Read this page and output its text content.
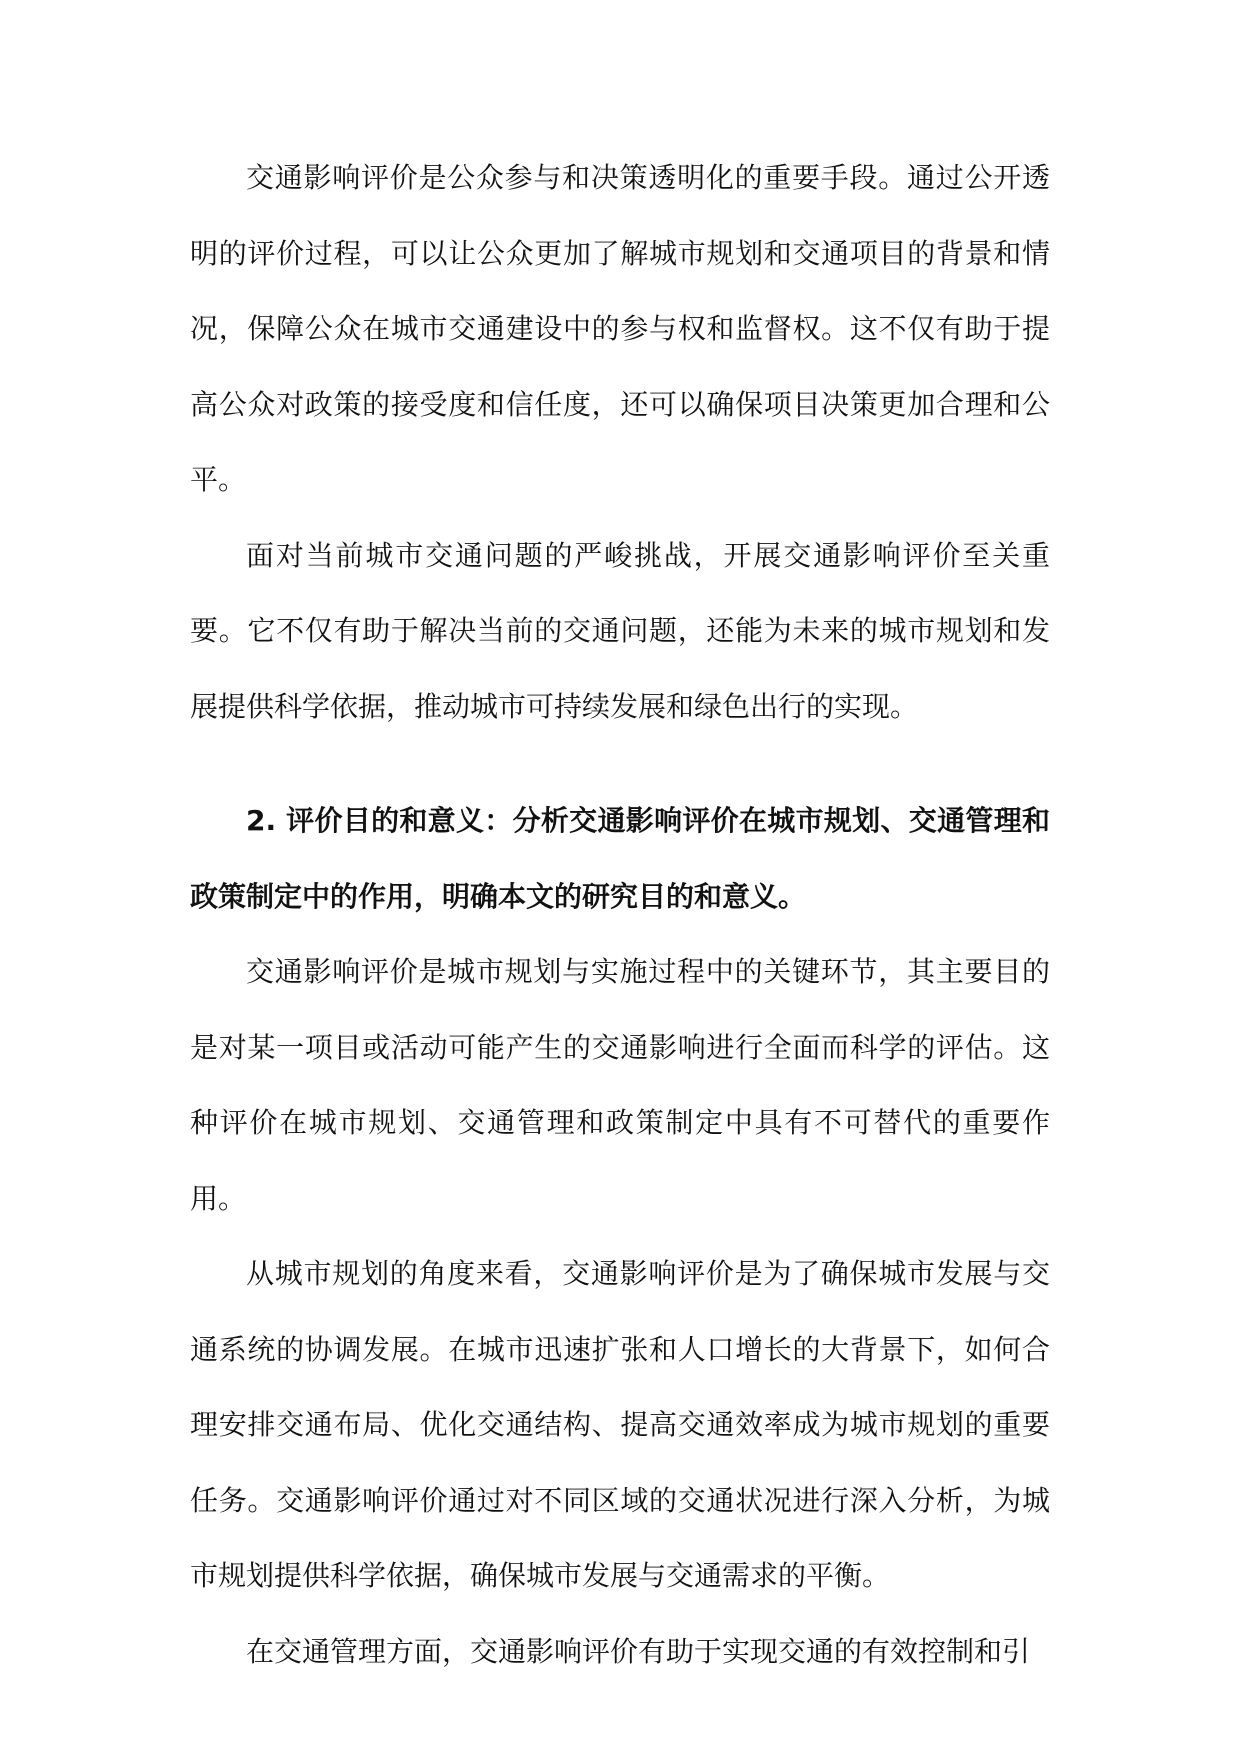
交通影响评价是公众参与和决策透明化的重要手段。通过公开透明的评价过程，可以让公众更加了解城市规划和交通项目的背景和情况，保障公众在城市交通建设中的参与权和监督权。这不仅有助于提高公众对政策的接受度和信任度，还可以确保项目决策更加合理和公平。

面对当前城市交通问题的严峻挑战，开展交通影响评价至关重要。它不仅有助于解决当前的交通问题，还能为未来的城市规划和发展提供科学依据，推动城市可持续发展和绿色出行的实现。

2. 评价目的和意义：分析交通影响评价在城市规划、交通管理和政策制定中的作用，明确本文的研究目的和意义。

交通影响评价是城市规划与实施过程中的关键环节，其主要目的是对某一项目或活动可能产生的交通影响进行全面而科学的评估。这种评价在城市规划、交通管理和政策制定中具有不可替代的重要作用。

从城市规划的角度来看，交通影响评价是为了确保城市发展与交通系统的协调发展。在城市迅速扩张和人口增长的大背景下，如何合理安排交通布局、优化交通结构、提高交通效率成为城市规划的重要任务。交通影响评价通过对不同区域的交通状况进行深入分析，为城市规划提供科学依据，确保城市发展与交通需求的平衡。

在交通管理方面，交通影响评价有助于实现交通的有效控制和引
